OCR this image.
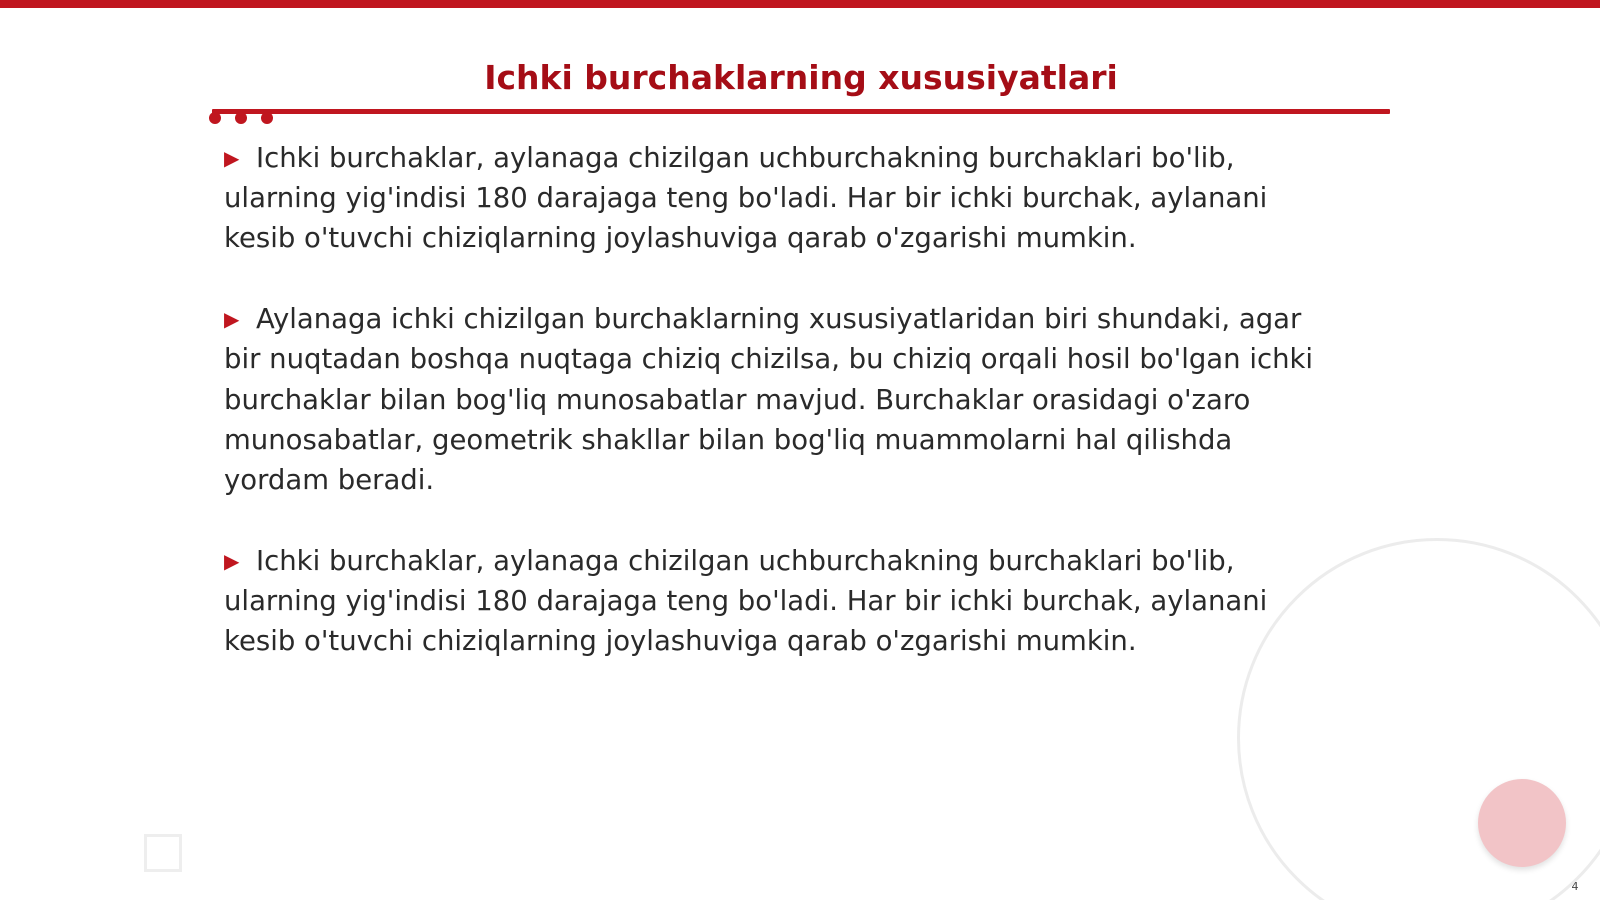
Ichki burchaklarning xususiyatlari

▶ Ichki burchaklar, aylanaga chizilgan uchburchakning burchaklari bo'lib, ularning yig'indisi 180 darajaga teng bo'ladi. Har bir ichki burchak, aylanani kesib o'tuvchi chiziqlarning joylashuviga qarab o'zgarishi mumkin.

▶ Aylanaga ichki chizilgan burchaklarning xususiyatlaridan biri shundaki, agar bir nuqtadan boshqa nuqtaga chiziq chizilsa, bu chiziq orqali hosil bo'lgan ichki burchaklar bilan bog'liq munosabatlar mavjud. Burchaklar orasidagi o'zaro munosabatlar, geometrik shakllar bilan bog'liq muammolarni hal qilishda yordam beradi.

▶ Ichki burchaklar, aylanaga chizilgan uchburchakning burchaklari bo'lib, ularning yig'indisi 180 darajaga teng bo'ladi. Har bir ichki burchak, aylanani kesib o'tuvchi chiziqlarning joylashuviga qarab o'zgarishi mumkin.

4
